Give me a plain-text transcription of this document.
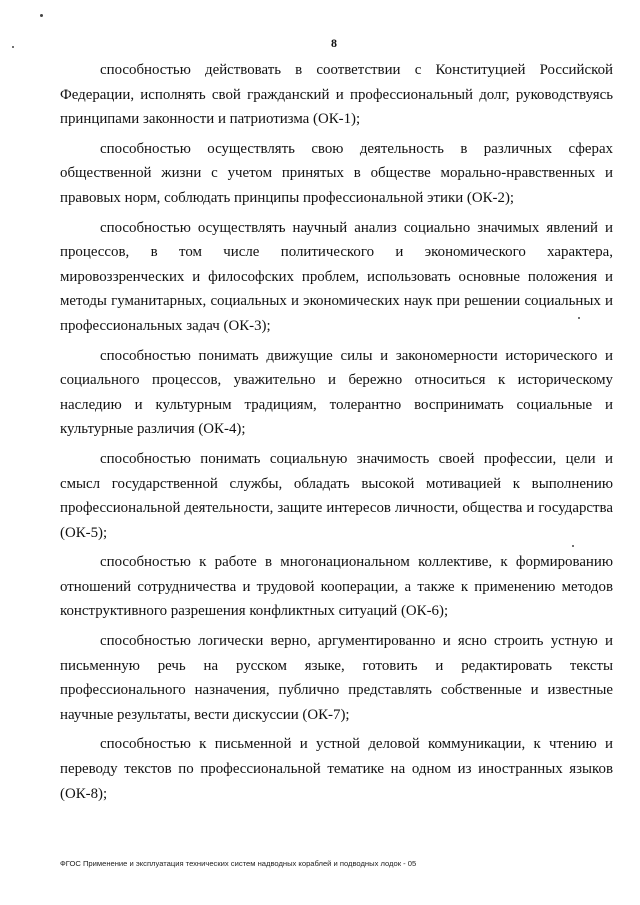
8

способностью действовать в соответствии с Конституцией Российской Федерации, исполнять свой гражданский и профессиональный долг, руководствуясь принципами законности и патриотизма (ОК-1);

способностью осуществлять свою деятельность в различных сферах общественной жизни с учетом принятых в обществе морально-нравственных и правовых норм, соблюдать принципы профессиональной этики (ОК-2);

способностью осуществлять научный анализ социально значимых явлений и процессов, в том числе политического и экономического характера, мировоззренческих и философских проблем, использовать основные положения и методы гуманитарных, социальных и экономических наук при решении социальных и профессиональных задач (ОК-3);

способностью понимать движущие силы и закономерности исторического и социального процессов, уважительно и бережно относиться к историческому наследию и культурным традициям, толерантно воспринимать социальные и культурные различия (ОК-4);

способностью понимать социальную значимость своей профессии, цели и смысл государственной службы, обладать высокой мотивацией к выполнению профессиональной деятельности, защите интересов личности, общества и государства (ОК-5);

способностью к работе в многонациональном коллективе, к формированию отношений сотрудничества и трудовой кооперации, а также к применению методов конструктивного разрешения конфликтных ситуаций (ОК-6);

способностью логически верно, аргументированно и ясно строить устную и письменную речь на русском языке, готовить и редактировать тексты профессионального назначения, публично представлять собственные и известные научные результаты, вести дискуссии (ОК-7);

способностью к письменной и устной деловой коммуникации, к чтению и переводу текстов по профессиональной тематике на одном из иностранных языков (ОК-8);

ФГОС Применение и эксплуатация технических систем надводных кораблей и подводных лодок - 05
